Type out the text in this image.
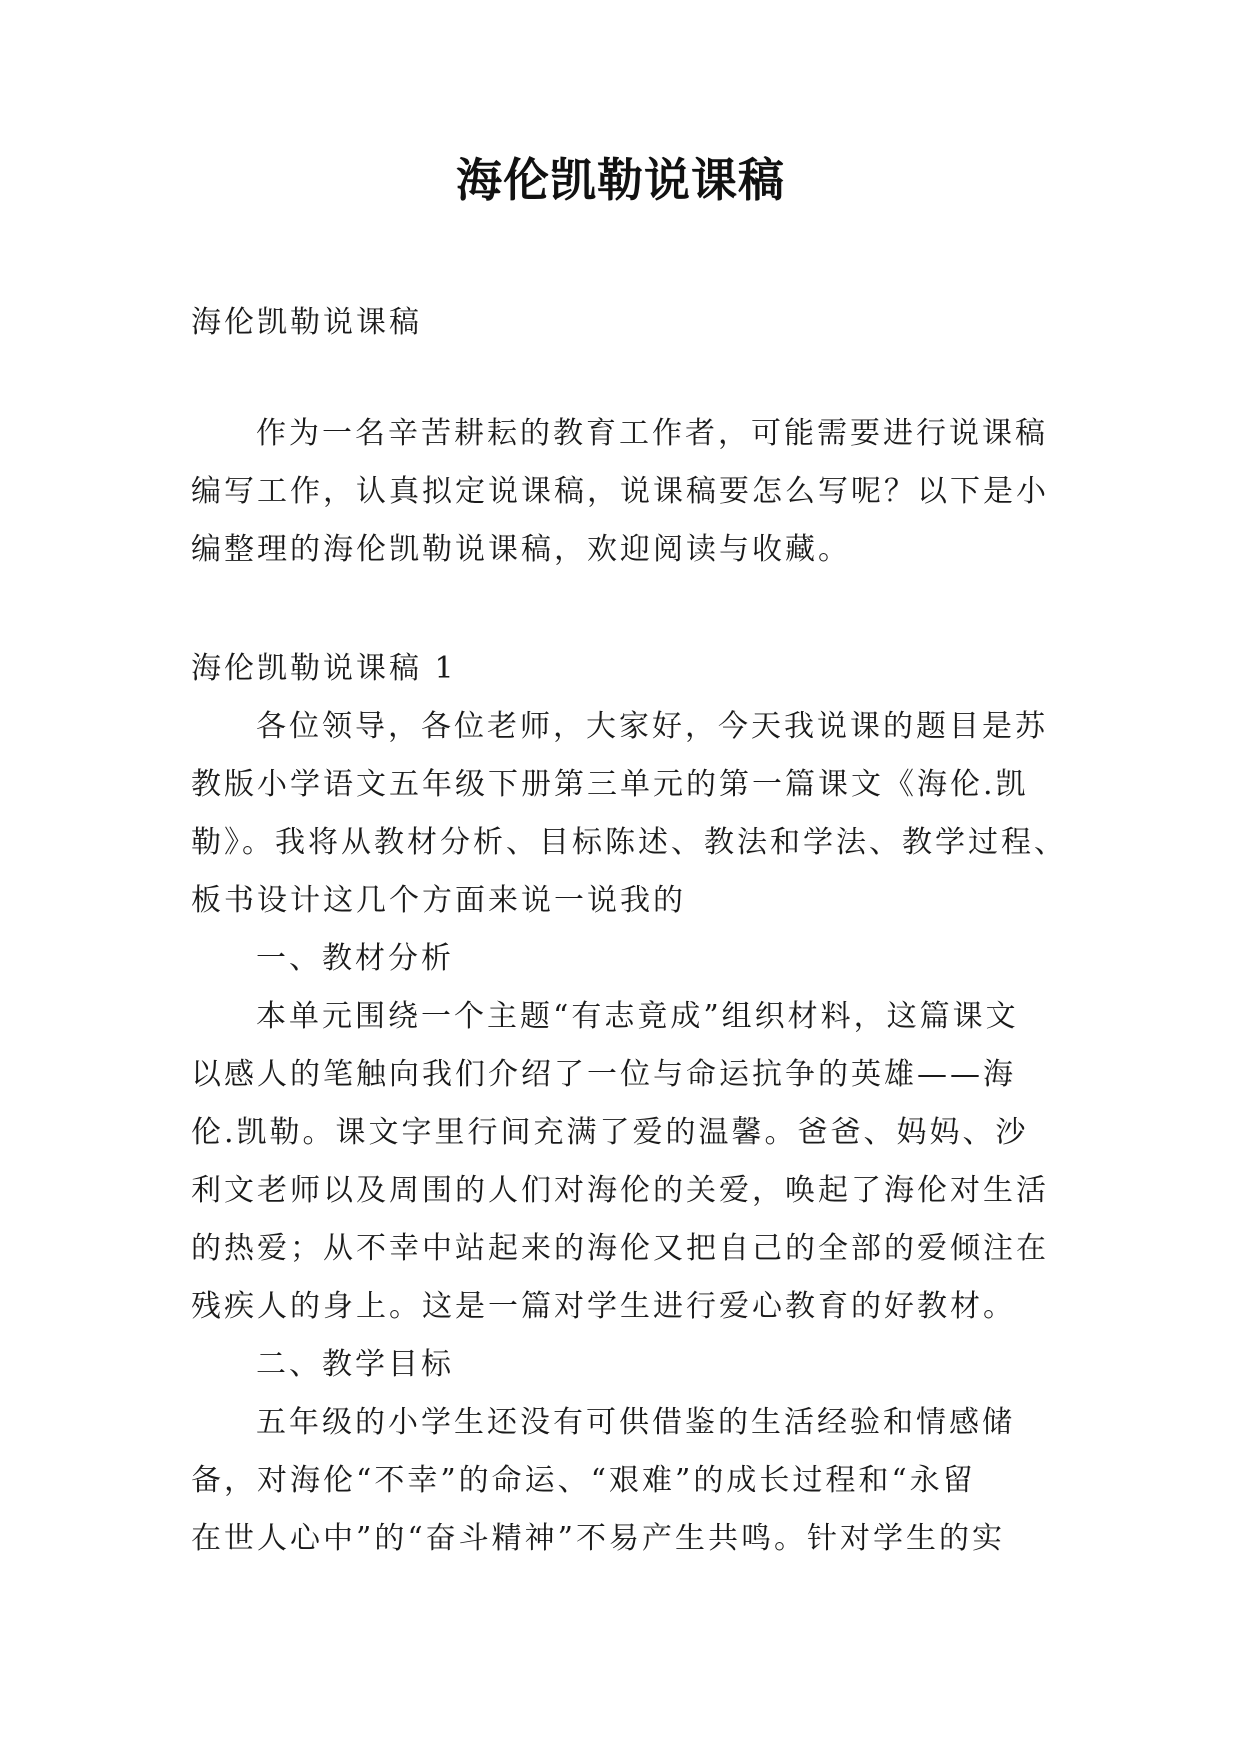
海伦凯勒说课稿
海伦凯勒说课稿
作为一名辛苦耕耘的教育工作者，可能需要进行说课稿
编写工作，认真拟定说课稿，说课稿要怎么写呢？以下是小
编整理的海伦凯勒说课稿，欢迎阅读与收藏。
海伦凯勒说课稿 1
各位领导，各位老师，大家好，今天我说课的题目是苏
教版小学语文五年级下册第三单元的第一篇课文《海伦.凯
勒》。我将从教材分析、目标陈述、教法和学法、教学过程、
板书设计这几个方面来说一说我的
一、教材分析
本单元围绕一个主题“有志竟成”组织材料，这篇课文
以感人的笔触向我们介绍了一位与命运抗争的英雄——海
伦.凯勒。课文字里行间充满了爱的温馨。爸爸、妈妈、沙
利文老师以及周围的人们对海伦的关爱，唤起了海伦对生活
的热爱；从不幸中站起来的海伦又把自己的全部的爱倾注在
残疾人的身上。这是一篇对学生进行爱心教育的好教材。
二、教学目标
五年级的小学生还没有可供借鉴的生活经验和情感储
备，对海伦“不幸”的命运、“艰难”的成长过程和“永留
在世人心中”的“奋斗精神”不易产生共鸣。针对学生的实
